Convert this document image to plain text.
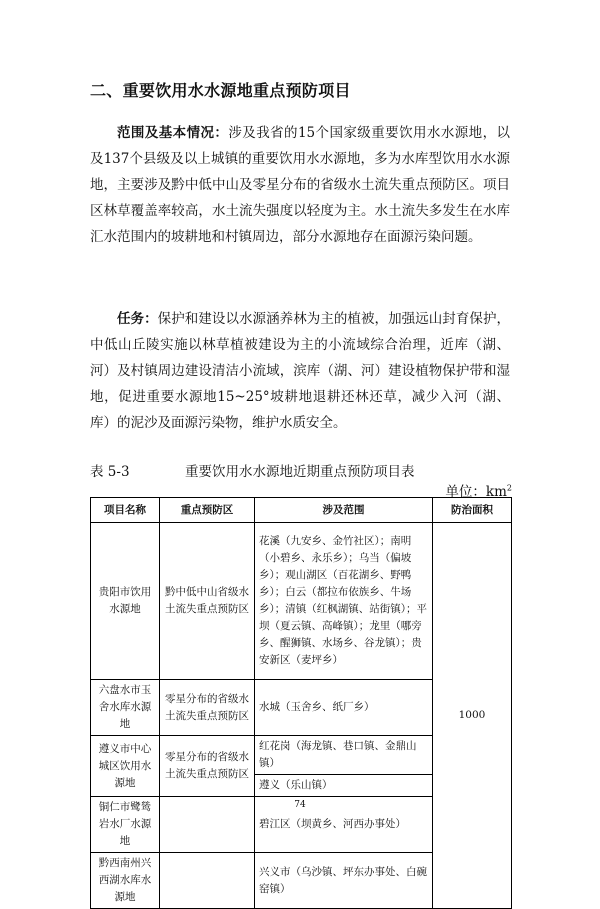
二、重要饮用水水源地重点预防项目

范围及基本情况：涉及我省的15个国家级重要饮用水水源地，以及137个县级及以上城镇的重要饮用水水源地，多为水库型饮用水水源地，主要涉及黔中低中山及零星分布的省级水土流失重点预防区。项目区林草覆盖率较高，水土流失强度以轻度为主。水土流失多发生在水库汇水范围内的坡耕地和村镇周边，部分水源地存在面源污染问题。

任务：保护和建设以水源涵养林为主的植被，加强远山封育保护，中低山丘陵实施以林草植被建设为主的小流域综合治理，近库（湖、河）及村镇周边建设清洁小流域，滨库（湖、河）建设植物保护带和湿地，促进重要水源地15~25°坡耕地退耕还林还草，减少入河（湖、库）的泥沙及面源污染物，维护水质安全。

表 5-3	重要饮用水水源地近期重点预防项目表
单位：$km^2$
项目名称	重点预防区	涉及范围	防治面积
贵阳市饮用水源地	黔中低中山省级水土流失重点预防区	花溪（九安乡、金竹社区）；南明（小碧乡、永乐乡）；乌当（偏坡乡）；观山湖区（百花湖乡、野鸭乡）；白云（都拉布依族乡、牛场乡）；清镇（红枫湖镇、站街镇）；平坝（夏云镇、高峰镇）；龙里（哪旁乡、醒狮镇、水场乡、谷龙镇）；贵安新区（麦坪乡）	1000
六盘水市玉舍水库水源地	零星分布的省级水土流失重点预防区	水城（玉舍乡、纸厂乡）	
遵义市中心城区饮用水源地	零星分布的省级水土流失重点预防区	红花岗（海龙镇、巷口镇、金鼎山镇）	
		遵义（乐山镇）	
铜仁市鹭鸶岩水厂水源地		碧江区（坝黄乡、河西办事处）	
黔西南州兴西湖水库水源地		兴义市（乌沙镇、坪东办事处、白碗窑镇）	
74
